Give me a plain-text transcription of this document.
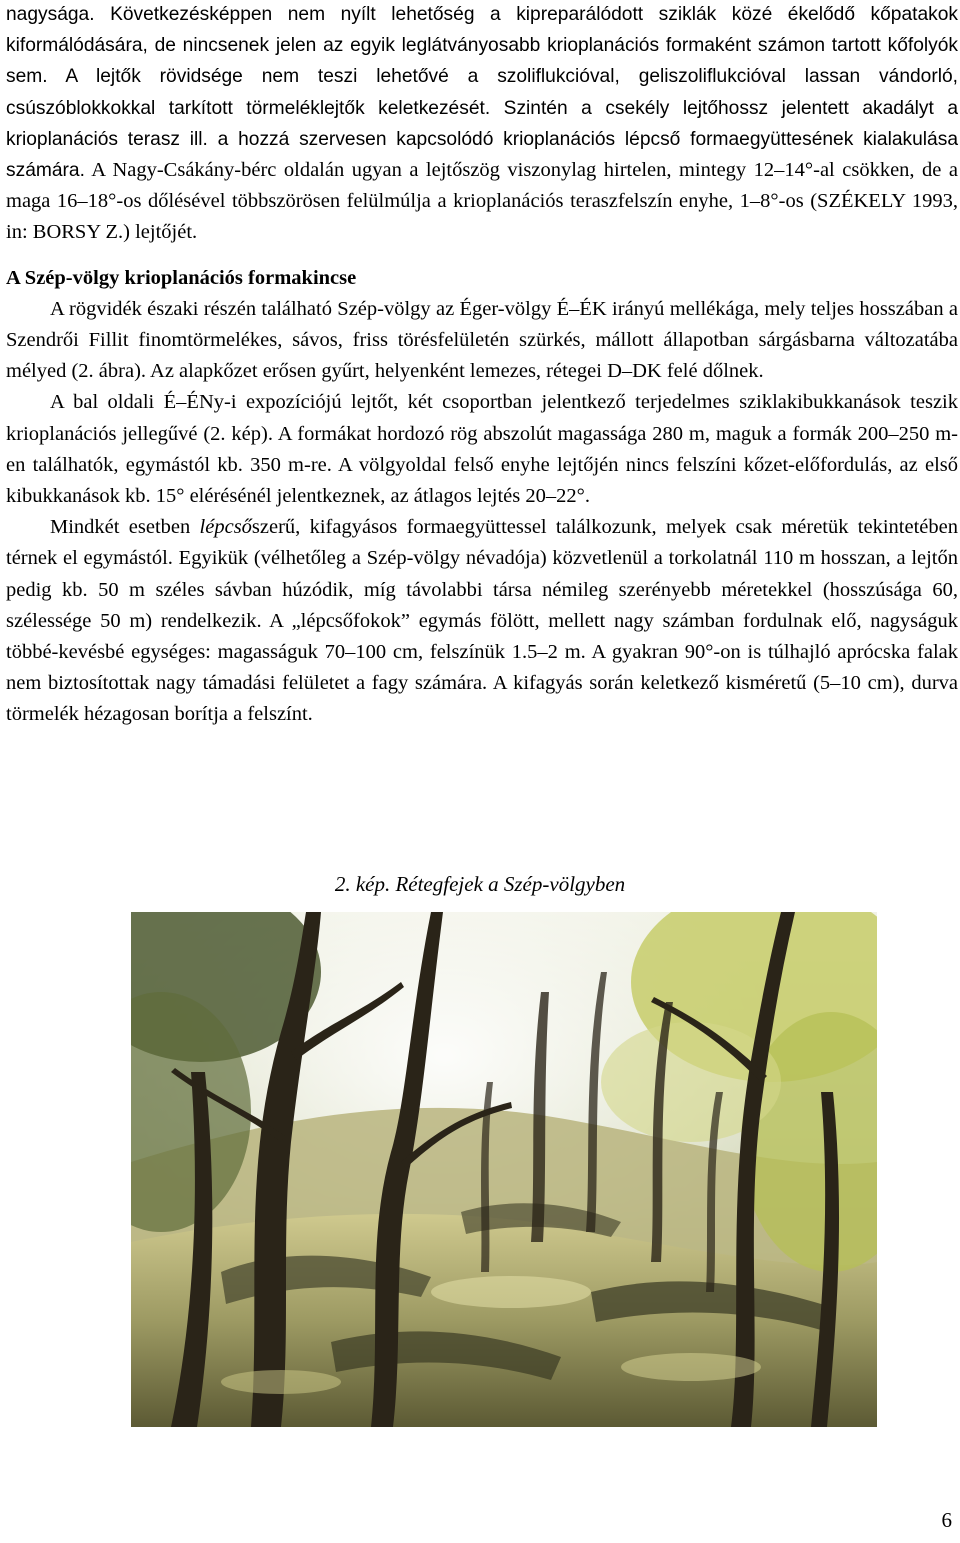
nagysága. Következésképpen nem nyílt lehetőség a kipreparálódott sziklák közé ékelődő kőpatakok kiformálódására, de nincsenek jelen az egyik leglátványosabb krioplanációs formaként számon tartott kőfolyók sem. A lejtők rövidsége nem teszi lehetővé a szoliflukcióval, geliszoliflukcióval lassan vándorló, csúszóblokkokkal tarkított törmeléklejtők keletkezését. Szintén a csekély lejtőhossz jelentett akadályt a krioplanációs terasz ill. a hozzá szervesen kapcsolódó krioplanációs lépcső formaegyüttesének kialakulása számára. A Nagy-Csákány-bérc oldalán ugyan a lejtőszög viszonylag hirtelen, mintegy 12–14°-al csökken, de a maga 16–18°-os dőlésével többszörösen felülmúlja a krioplanációs teraszfelszín enyhe, 1–8°-os (SZÉKELY 1993, in: BORSY Z.) lejtőjét.

A Szép-völgy krioplanációs formakincse

A rögvidék északi részén található Szép-völgy az Éger-völgy É–ÉK irányú mellékága, mely teljes hosszában a Szendrői Fillit finomtörmelékes, sávos, friss törésfelületén szürkés, mállott állapotban sárgásbarna változatába mélyed (2. ábra). Az alapkőzet erősen gyűrt, helyenként lemezes, rétegei D–DK felé dőlnek.

A bal oldali É–ÉNy-i expozíciójú lejtőt, két csoportban jelentkező terjedelmes sziklakibukkanások teszik krioplanációs jellegűvé (2. kép). A formákat hordozó rög abszolút magassága 280 m, maguk a formák 200–250 m-en találhatók, egymástól kb. 350 m-re. A völgyoldal felső enyhe lejtőjén nincs felszíni kőzet-előfordulás, az első kibukkanások kb. 15° elérésénél jelentkeznek, az átlagos lejtés 20–22°.

Mindkét esetben lépcsőszerű, kifagyásos formaegyüttessel találkozunk, melyek csak méretük tekintetében térnek el egymástól. Egyikük (vélhetőleg a Szép-völgy névadója) közvetlenül a torkolatnál 110 m hosszan, a lejtőn pedig kb. 50 m széles sávban húzódik, míg távolabbi társa némileg szerényebb méretekkel (hosszúsága 60, szélessége 50 m) rendelkezik. A „lépcsőfokok” egymás fölött, mellett nagy számban fordulnak elő, nagyságuk többé-kevésbé egységes: magasságuk 70–100 cm, felszínük 1.5–2 m. A gyakran 90°-on is túlhajló aprócska falak nem biztosítottak nagy támadási felületet a fagy számára. A kifagyás során keletkező kisméretű (5–10 cm), durva törmelék hézagosan borítja a felszínt.

2. kép. Rétegfejek a Szép-völgyben
6
